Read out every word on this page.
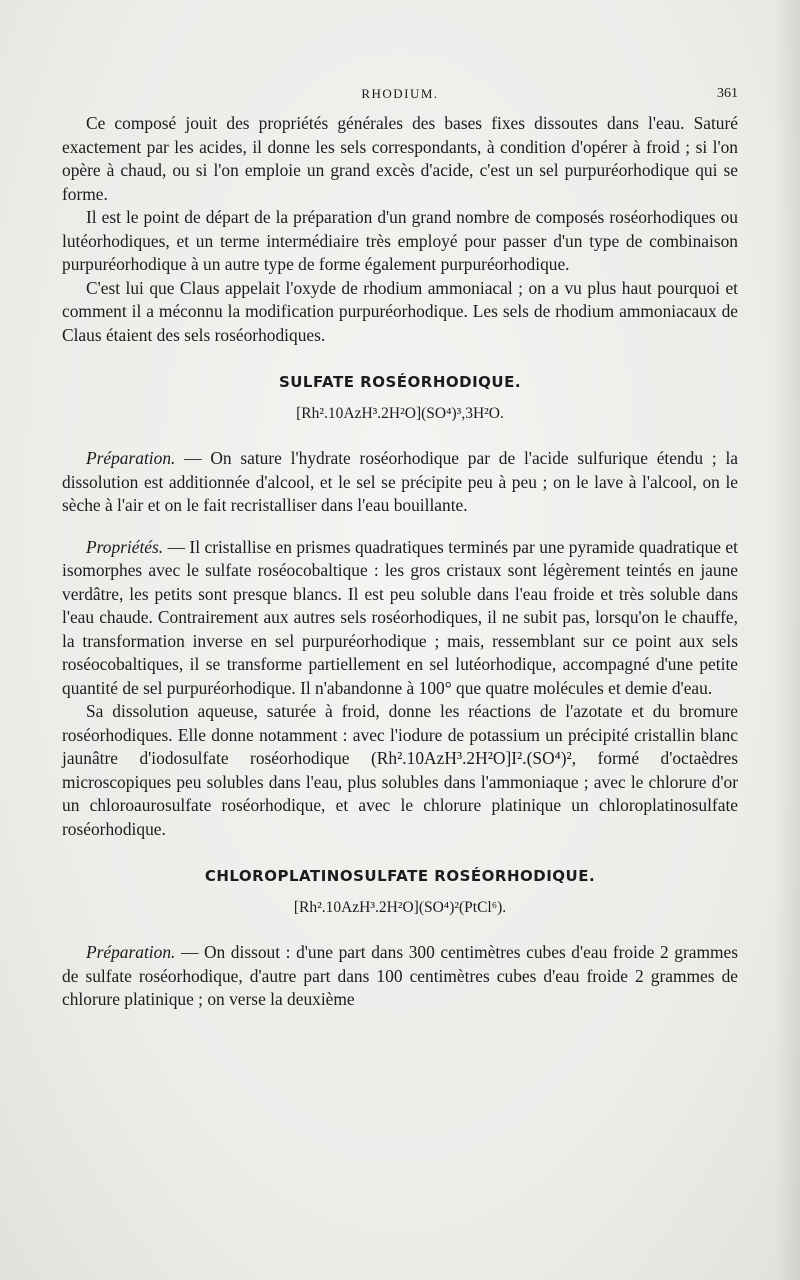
RHODIUM.	361

Ce composé jouit des propriétés générales des bases fixes dissoutes dans l'eau. Saturé exactement par les acides, il donne les sels correspondants, à condition d'opérer à froid ; si l'on opère à chaud, ou si l'on emploie un grand excès d'acide, c'est un sel purpuréorhodique qui se forme.

Il est le point de départ de la préparation d'un grand nombre de composés roséorhodiques ou lutéorhodiques, et un terme intermédiaire très employé pour passer d'un type de combinaison purpuréorhodique à un autre type de forme également purpuréorhodique.

C'est lui que Claus appelait l'oxyde de rhodium ammoniacal ; on a vu plus haut pourquoi et comment il a méconnu la modification purpuréorhodique. Les sels de rhodium ammoniacaux de Claus étaient des sels roséorhodiques.

SULFATE ROSÉORHODIQUE.
[Rh².10AzH³.2H²O](SO⁴)³,3H²O.

Préparation. — On sature l'hydrate roséorhodique par de l'acide sulfurique étendu ; la dissolution est additionnée d'alcool, et le sel se précipite peu à peu ; on le lave à l'alcool, on le sèche à l'air et on le fait recristalliser dans l'eau bouillante.

Propriétés. — Il cristallise en prismes quadratiques terminés par une pyramide quadratique et isomorphes avec le sulfate roséocobaltique : les gros cristaux sont légèrement teintés en jaune verdâtre, les petits sont presque blancs. Il est peu soluble dans l'eau froide et très soluble dans l'eau chaude. Contrairement aux autres sels roséorhodiques, il ne subit pas, lorsqu'on le chauffe, la transformation inverse en sel purpuréorhodique ; mais, ressemblant sur ce point aux sels roséocobaltiques, il se transforme partiellement en sel lutéorhodique, accompagné d'une petite quantité de sel purpuréorhodique. Il n'abandonne à 100° que quatre molécules et demie d'eau.

Sa dissolution aqueuse, saturée à froid, donne les réactions de l'azotate et du bromure roséorhodiques. Elle donne notamment : avec l'iodure de potassium un précipité cristallin blanc jaunâtre d'iodosulfate roséorhodique (Rh².10AzH³.2H²O]I².(SO⁴)², formé d'octaèdres microscopiques peu solubles dans l'eau, plus solubles dans l'ammoniaque ; avec le chlorure d'or un chloroaurosulfate roséorhodique, et avec le chlorure platinique un chloroplatinosulfate roséorhodique.

CHLOROPLATINOSULFATE ROSÉORHODIQUE.
[Rh².10AzH³.2H²O](SO⁴)²(PtCl⁶).

Préparation. — On dissout : d'une part dans 300 centimètres cubes d'eau froide 2 grammes de sulfate roséorhodique, d'autre part dans 100 centimètres cubes d'eau froide 2 grammes de chlorure platinique ; on verse la deuxième
